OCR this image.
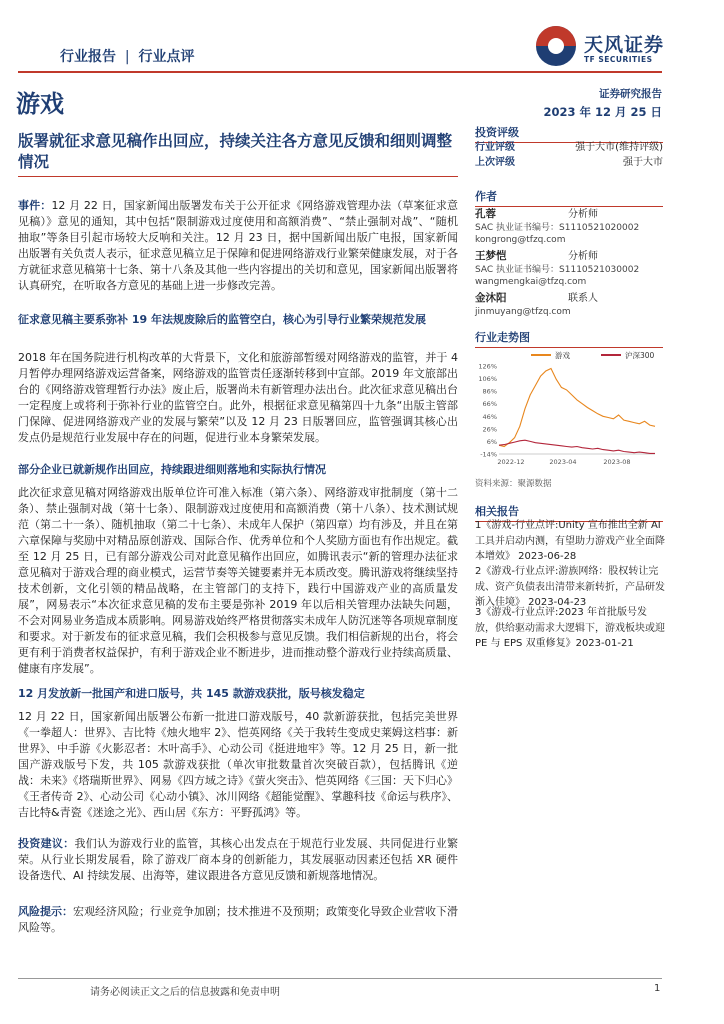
行业报告 | 行业点评
天风证券
TF SECURITIES
游戏	证券研究报告
2023 年 12 月 25 日
版署就征求意见稿作出回应，持续关注各方意见反馈和细则调整情况

事件：12 月 22 日，国家新闻出版署发布关于公开征求《网络游戏管理办法（草案征求意见稿）》意见的通知，其中包括“限制游戏过度使用和高额消费”、“禁止强制对战”、“随机抽取”等条目引起市场较大反响和关注。12 月 23 日，据中国新闻出版广电报，国家新闻出版署有关负责人表示，征求意见稿立足于保障和促进网络游戏行业繁荣健康发展，对于各方就征求意见稿第十七条、第十八条及其他一些内容提出的关切和意见，国家新闻出版署将认真研究，在听取各方意见的基础上进一步修改完善。

征求意见稿主要系弥补 19 年法规废除后的监管空白，核心为引导行业繁荣规范发展

2018 年在国务院进行机构改革的大背景下，文化和旅游部暂缓对网络游戏的监管，并于 4 月暂停办理网络游戏运营备案，网络游戏的监管责任逐渐转移到中宣部。2019 年文旅部出台的《网络游戏管理暂行办法》废止后，版署尚未有新管理办法出台。此次征求意见稿出台一定程度上或将利于弥补行业的监管空白。此外，根据征求意见稿第四十九条“出版主管部门保障、促进网络游戏产业的发展与繁荣”以及 12 月 23 日版署回应，监管强调其核心出发点仍是规范行业发展中存在的问题，促进行业本身繁荣发展。

部分企业已就新规作出回应，持续跟进细则落地和实际执行情况

此次征求意见稿对网络游戏出版单位许可准入标准（第六条）、网络游戏审批制度（第十二条）、禁止强制对战（第十七条）、限制游戏过度使用和高额消费（第十八条）、技术测试规范（第二十一条）、随机抽取（第二十七条）、未成年人保护（第四章）均有涉及，并且在第六章保障与奖励中对精品原创游戏、国际合作、优秀单位和个人奖励方面也有作出规定。截至 12 月 25 日，已有部分游戏公司对此意见稿作出回应，如腾讯表示“新的管理办法征求意见稿对于游戏合理的商业模式，运营节奏等关键要素并无本质改变。腾讯游戏将继续坚持技术创新，文化引领的精品战略，在主管部门的支持下，践行中国游戏产业的高质量发展”，网易表示“本次征求意见稿的发布主要是弥补 2019 年以后相关管理办法缺失问题，不会对网易业务造成本质影响。网易游戏始终严格贯彻落实未成年人防沉迷等各项规章制度和要求。对于新发布的征求意见稿，我们会积极参与意见反馈。我们相信新规的出台，将会更有利于消费者权益保护，有利于游戏企业不断进步，进而推动整个游戏行业持续高质量、健康有序发展”。

12 月发放新一批国产和进口版号，共 145 款游戏获批，版号核发稳定

12 月 22 日，国家新闻出版署公布新一批进口游戏版号，40 款新游获批，包括完美世界《一拳超人：世界》、吉比特《烛火地牢 2》、恺英网络《关于我转生变成史莱姆这档事：新世界》、中手游《火影忍者：木叶高手》、心动公司《挺进地牢》等。12 月 25 日，新一批国产游戏版号下发，共 105 款游戏获批（单次审批数量首次突破百款），包括腾讯《逆战：未来》《塔瑞斯世界》、网易《四方域之诗》《萤火突击》、恺英网络《三国：天下归心》《王者传奇 2》、心动公司《心动小镇》、冰川网络《超能觉醒》、掌趣科技《命运与秩序》、吉比特&青瓷《迷途之光》、西山居《东方：平野孤鸿》等。

投资建议：我们认为游戏行业的监管，其核心出发点在于规范行业发展、共同促进行业繁荣。从行业长期发展看，除了游戏厂商本身的创新能力，其发展驱动因素还包括 XR 硬件设备迭代、AI 持续发展、出海等，建议跟进各方意见反馈和新规落地情况。

风险提示：宏观经济风险；行业竞争加剧；技术推进不及预期；政策变化导致企业营收下滑风险等。

投资评级
行业评级	强于大市(维持评级)
上次评级	强于大市
作者
孔蓉	分析师
SAC 执业证书编号：S1110521020002
kongrong@tfzq.com
王梦恺	分析师
SAC 执业证书编号：S1110521030002
wangmengkai@tfzq.com
金沐阳	联系人
jinmuyang@tfzq.com
行业走势图
游戏	沪深300
126%
106%
86%
66%
46%
26%
6%
-14%
2022-12	2023-04	2023-08
资料来源：聚源数据
相关报告

1《游戏-行业点评:Unity 宣布推出全新 AI 工具并启动内测，有望助力游戏产业全面降本增效》 2023-06-28

2《游戏-行业点评:游族网络：股权转让完成、资产负债表出清带来新转折，产品研发渐入佳境》 2023-04-23

3《游戏-行业点评:2023 年首批版号发放，供给驱动需求大逻辑下，游戏板块或迎 PE 与 EPS 双重修复》2023-01-21

请务必阅读正文之后的信息披露和免责申明	1
